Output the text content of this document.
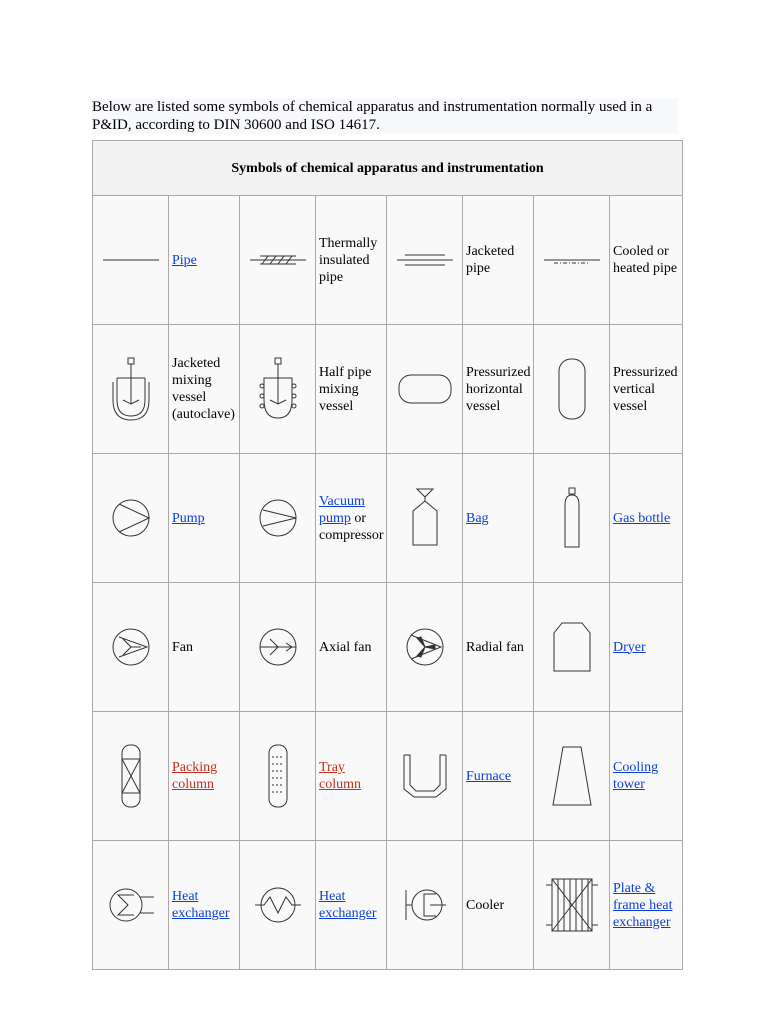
Below are listed some symbols of chemical apparatus and instrumentation normally used in a P&ID, according to DIN 30600 and ISO 14617.
Symbols of chemical apparatus and instrumentation							

	Pipe		Thermally insulated pipe		Jacketed pipe		Cooled or heated pipe

	Jacketed mixing vessel (autoclave)		Half pipe mixing vessel		Pressurized horizontal vessel		Pressurized vertical vessel

	Pump		Vacuum pump or compressor		Bag		Gas bottle

	Fan		Axial fan		Radial fan		Dryer

	Packing column		Tray column		Furnace		Cooling tower

	Heat exchanger		Heat exchanger		Cooler		Plate & frame heat exchanger
